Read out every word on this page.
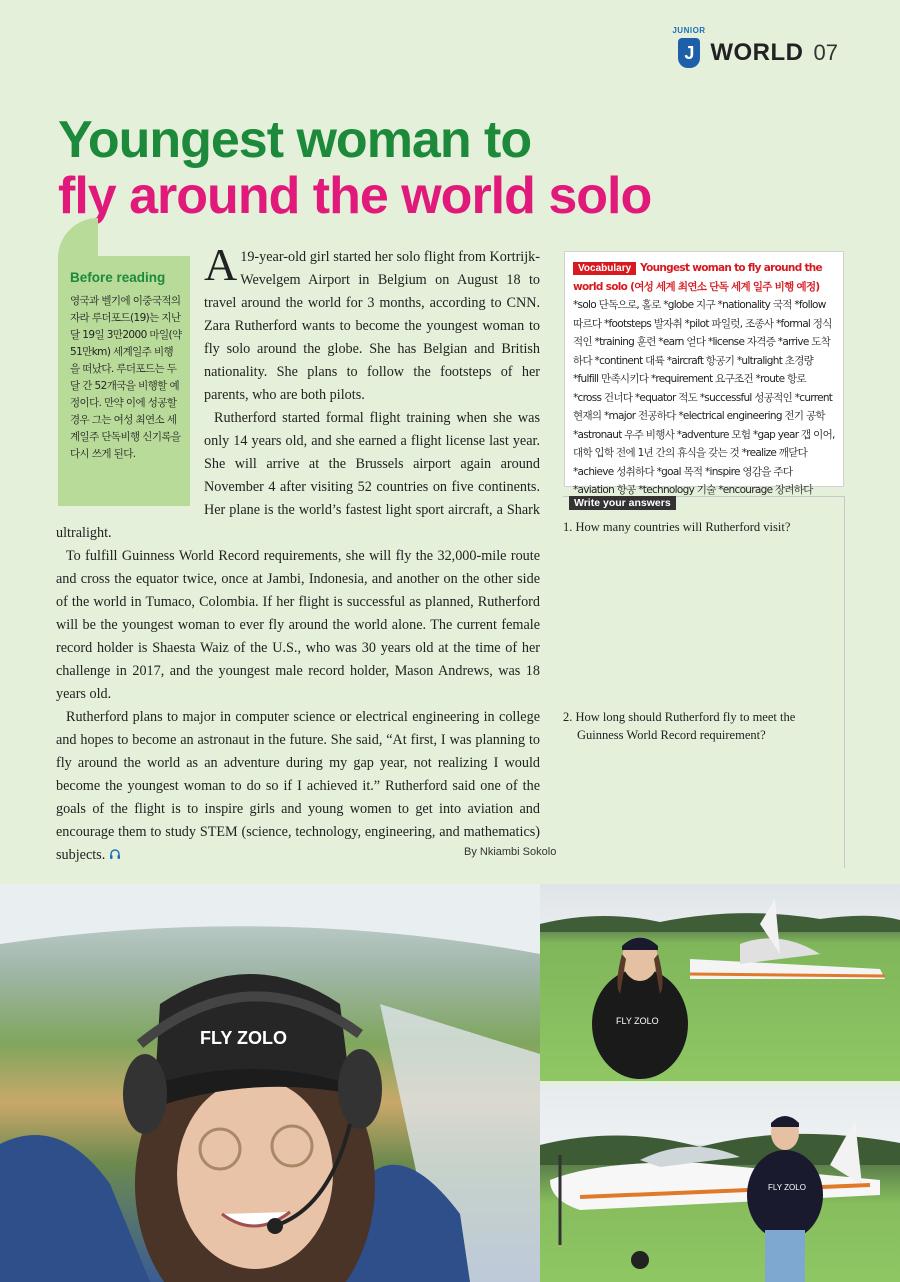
JUNIOR
J WORLD 07
Youngest woman to
fly around the world solo
Before reading
영국과 벨기에 이중국적의 자라 루더포드(19)는 지난달 19일 3만2000 마일(약 51만km) 세계일주 비행을 떠났다. 루더포드는 두달 간 52개국을 비행할 예정이다. 만약 이에 성공할 경우 그는 여성 최연소 세계일주 단독비행 신기록을 다시 쓰게 된다.

A 19-year-old girl started her solo flight from Kortrijk-Wevelgem Airport in Belgium on August 18 to travel around the world for 3 months, according to CNN. Zara Rutherford wants to become the youngest woman to fly solo around the globe. She has Belgian and British nationality. She plans to follow the footsteps of her parents, who are both pilots.

Rutherford started formal flight training when she was only 14 years old, and she earned a flight license last year. She will arrive at the Brussels airport again around November 4 after visiting 52 countries on five continents. Her plane is the world’s fastest light sport aircraft, a Shark ultralight.

To fulfill Guinness World Record requirements, she will fly the 32,000-mile route and cross the equator twice, once at Jambi, Indonesia, and another on the other side of the world in Tumaco, Colombia. If her flight is successful as planned, Rutherford will be the youngest woman to ever fly around the world alone. The current female record holder is Shaesta Waiz of the U.S., who was 30 years old at the time of her challenge in 2017, and the youngest male record holder, Mason Andrews, was 18 years old.

Rutherford plans to major in computer science or electrical engineering in college and hopes to become an astronaut in the future. She said, “At first, I was planning to fly around the world as an adventure during my gap year, not realizing I would become the youngest woman to do so if I achieved it.” Rutherford said one of the goals of the flight is to inspire girls and young women to get into aviation and encourage them to study STEM (science, technology, engineering, and mathematics) subjects.	By Nkiambi Sokolo
Vocabulary Youngest woman to fly around the world solo (여성 세계 최연소 단독 세계 일주 비행 예정) *solo 단독으로, 홀로 *globe 지구 *nationality 국적 *follow 따르다 *footsteps 발자취 *pilot 파일럿, 조종사 *formal 정식적인 *training 훈련 *earn 얻다 *license 자격증 *arrive 도착하다 *continent 대륙 *aircraft 항공기 *ultralight 초경량 *fulfill 만족시키다 *requirement 요구조건 *route 항로 *cross 건너다 *equator 적도 *successful 성공적인 *current 현재의 *major 전공하다 *electrical engineering 전기 공학 *astronaut 우주 비행사 *adventure 모험 *gap year 갭 이어, 대학 입학 전에 1년 간의 휴식을 갖는 것 *realize 깨닫다 *achieve 성취하다 *goal 목적 *inspire 영감을 주다 *aviation 항공 *technology 기술 *encourage 장려하다
Write your answers
1. How many countries will Rutherford visit?
2. How long should Rutherford fly to meet the Guinness World Record requirement?
FLY ZOLO
FLY ZOLO
FLY ZOLO
